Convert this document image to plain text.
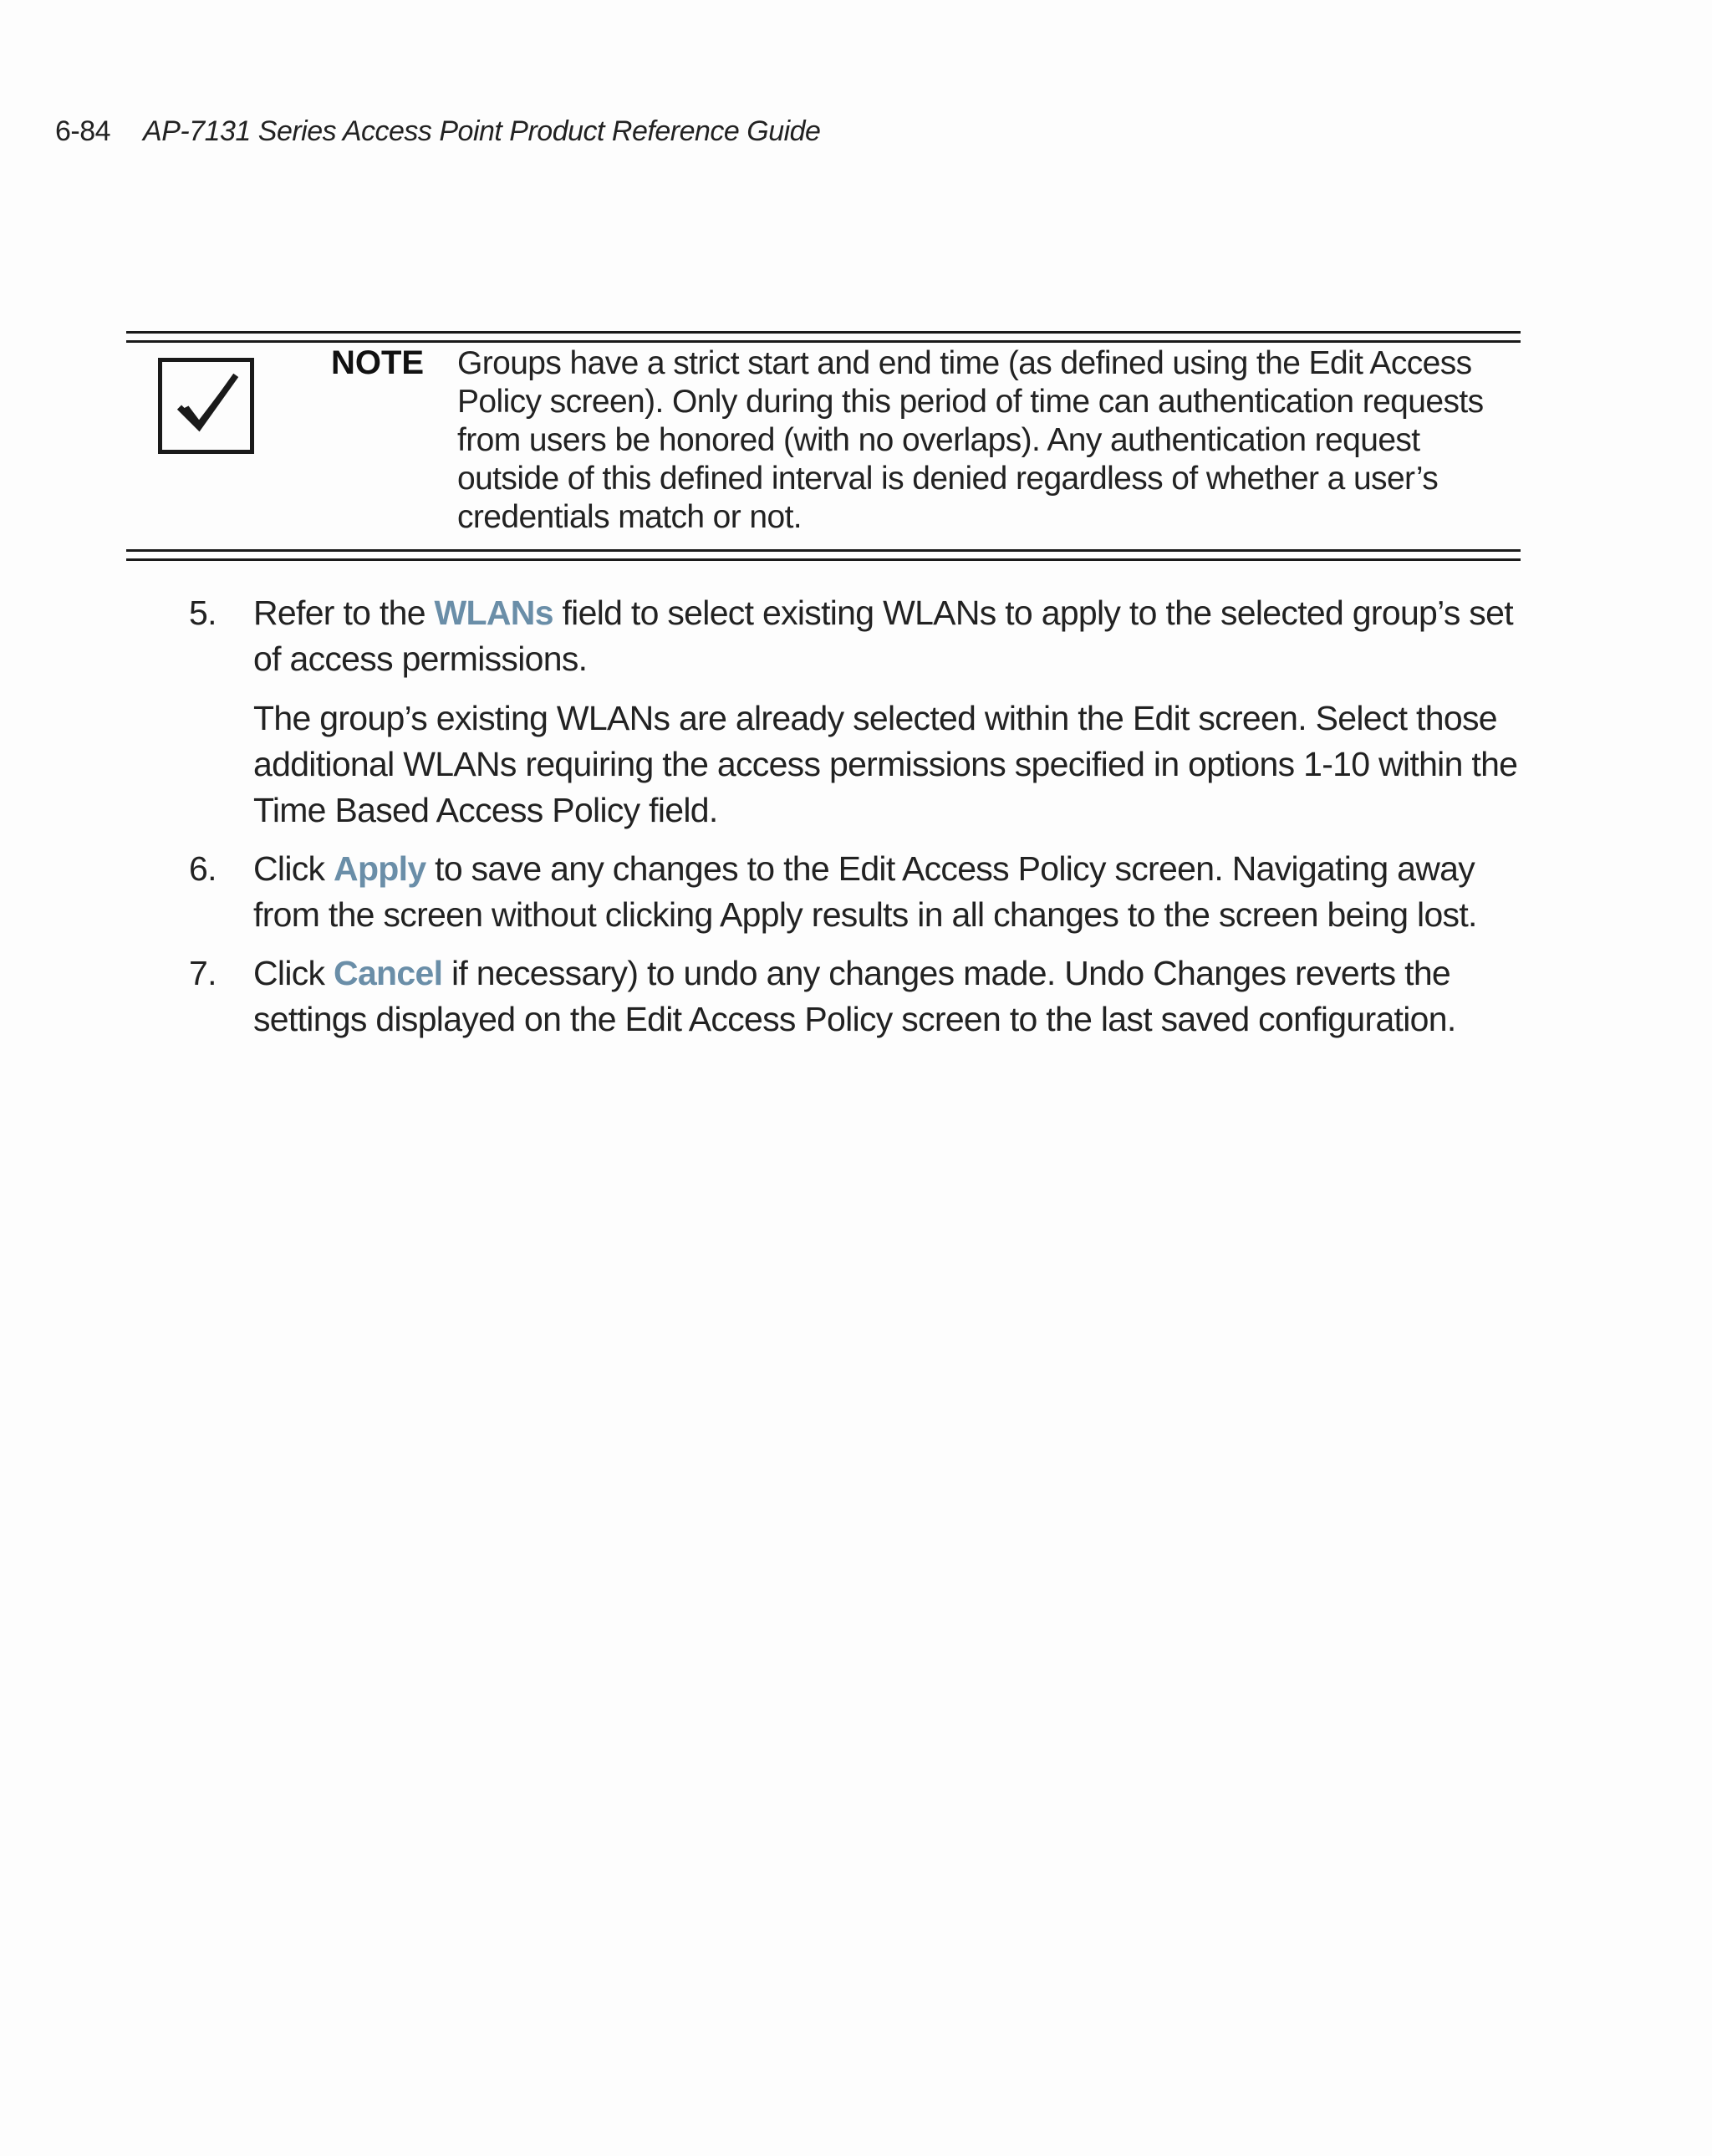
6-84 AP-7131 Series Access Point Product Reference Guide
NOTE Groups have a strict start and end time (as defined using the Edit Access Policy screen). Only during this period of time can authentication requests from users be honored (with no overlaps). Any authentication request outside of this defined interval is denied regardless of whether a user’s credentials match or not.
5. Refer to the WLANs field to select existing WLANs to apply to the selected group’s set of access permissions.

The group’s existing WLANs are already selected within the Edit screen. Select those additional WLANs requiring the access permissions specified in options 1-10 within the Time Based Access Policy field.

6. Click Apply to save any changes to the Edit Access Policy screen. Navigating away from the screen without clicking Apply results in all changes to the screen being lost.

7. Click Cancel if necessary) to undo any changes made. Undo Changes reverts the settings displayed on the Edit Access Policy screen to the last saved configuration.
